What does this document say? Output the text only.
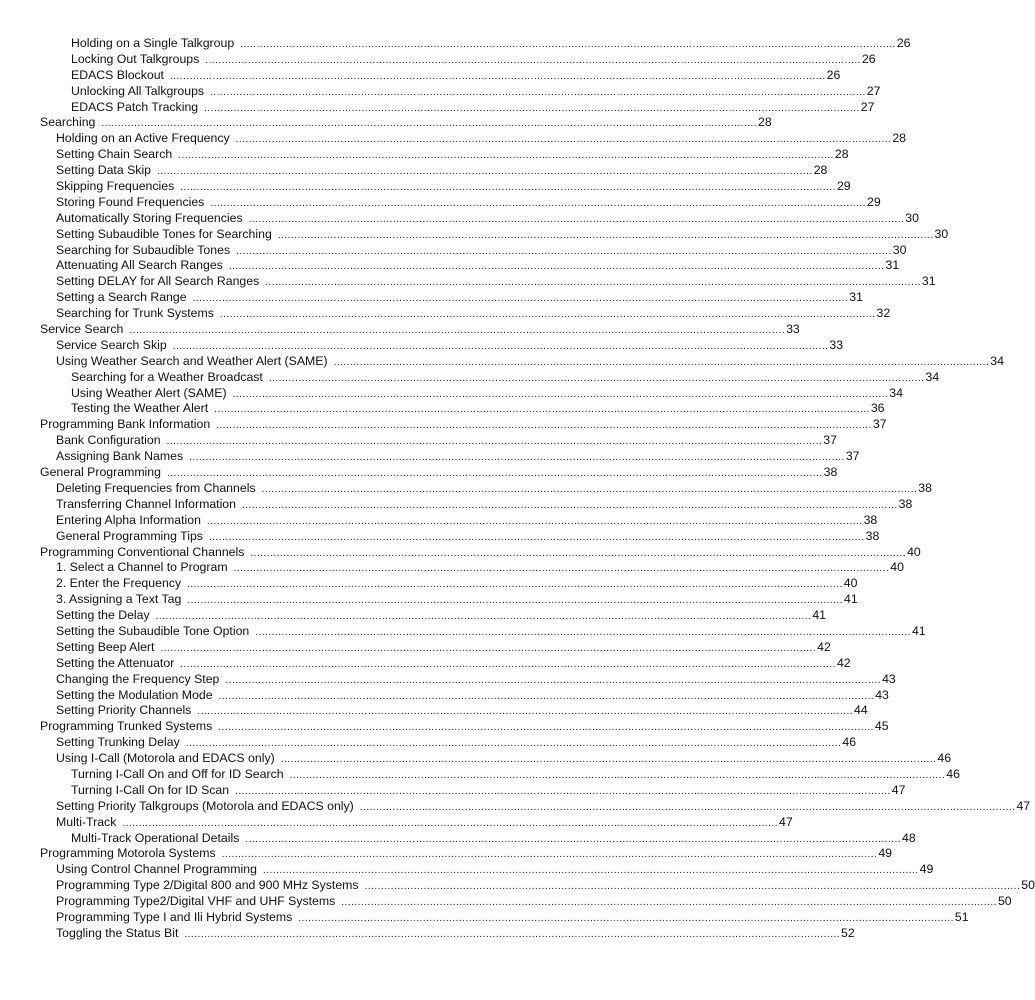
Holding on a Single Talkgroup ........................................................................................................................................................................................................ 26
Locking Out Talkgroups ........................................................................................................................................................................................................ 26
EDACS Blockout ........................................................................................................................................................................................................ 26
Unlocking All Talkgroups ........................................................................................................................................................................................................ 27
EDACS Patch Tracking ........................................................................................................................................................................................................ 27
Searching ........................................................................................................................................................................................................ 28
Holding on an Active Frequency ........................................................................................................................................................................................................ 28
Setting Chain Search ........................................................................................................................................................................................................ 28
Setting Data Skip ........................................................................................................................................................................................................ 28
Skipping Frequencies ........................................................................................................................................................................................................ 29
Storing Found Frequencies ........................................................................................................................................................................................................ 29
Automatically Storing Frequencies ........................................................................................................................................................................................................ 30
Setting Subaudible Tones for Searching ........................................................................................................................................................................................................ 30
Searching for Subaudible Tones ........................................................................................................................................................................................................ 30
Attenuating All Search Ranges ........................................................................................................................................................................................................ 31
Setting DELAY for All Search Ranges ........................................................................................................................................................................................................ 31
Setting a Search Range ........................................................................................................................................................................................................ 31
Searching for Trunk Systems ........................................................................................................................................................................................................ 32
Service Search ........................................................................................................................................................................................................ 33
Service Search Skip ........................................................................................................................................................................................................ 33
Using Weather Search and Weather Alert (SAME) ........................................................................................................................................................................................................ 34
Searching for a Weather Broadcast ........................................................................................................................................................................................................ 34
Using Weather Alert (SAME) ........................................................................................................................................................................................................ 34
Testing the Weather Alert ........................................................................................................................................................................................................ 36
Programming Bank Information ........................................................................................................................................................................................................ 37
Bank Configuration ........................................................................................................................................................................................................ 37
Assigning Bank Names ........................................................................................................................................................................................................ 37
General Programming ........................................................................................................................................................................................................ 38
Deleting Frequencies from Channels ........................................................................................................................................................................................................ 38
Transferring Channel Information ........................................................................................................................................................................................................ 38
Entering Alpha Information ........................................................................................................................................................................................................ 38
General Programming Tips ........................................................................................................................................................................................................ 38
Programming Conventional Channels ........................................................................................................................................................................................................ 40
1. Select a Channel to Program ........................................................................................................................................................................................................ 40
2. Enter the Frequency ........................................................................................................................................................................................................ 40
3. Assigning a Text Tag ........................................................................................................................................................................................................ 41
Setting the Delay ........................................................................................................................................................................................................ 41
Setting the Subaudible Tone Option ........................................................................................................................................................................................................ 41
Setting Beep Alert ........................................................................................................................................................................................................ 42
Setting the Attenuator ........................................................................................................................................................................................................ 42
Changing the Frequency Step ........................................................................................................................................................................................................ 43
Setting the Modulation Mode ........................................................................................................................................................................................................ 43
Setting Priority Channels ........................................................................................................................................................................................................ 44
Programming Trunked Systems ........................................................................................................................................................................................................ 45
Setting Trunking Delay ........................................................................................................................................................................................................ 46
Using I-Call (Motorola and EDACS only) ........................................................................................................................................................................................................ 46
Turning I-Call On and Off for ID Search ........................................................................................................................................................................................................ 46
Turning I-Call On for ID Scan ........................................................................................................................................................................................................ 47
Setting Priority Talkgroups (Motorola and EDACS only) ........................................................................................................................................................................................................ 47
Multi-Track ........................................................................................................................................................................................................ 47
Multi-Track Operational Details ........................................................................................................................................................................................................ 48
Programming Motorola Systems ........................................................................................................................................................................................................ 49
Using Control Channel Programming ........................................................................................................................................................................................................ 49
Programming Type 2/Digital 800 and 900 MHz Systems ........................................................................................................................................................................................................ 50
Programming Type2/Digital VHF and UHF Systems ........................................................................................................................................................................................................ 50
Programming Type I and Ili Hybrid Systems ........................................................................................................................................................................................................ 51
Toggling the Status Bit ........................................................................................................................................................................................................ 52
